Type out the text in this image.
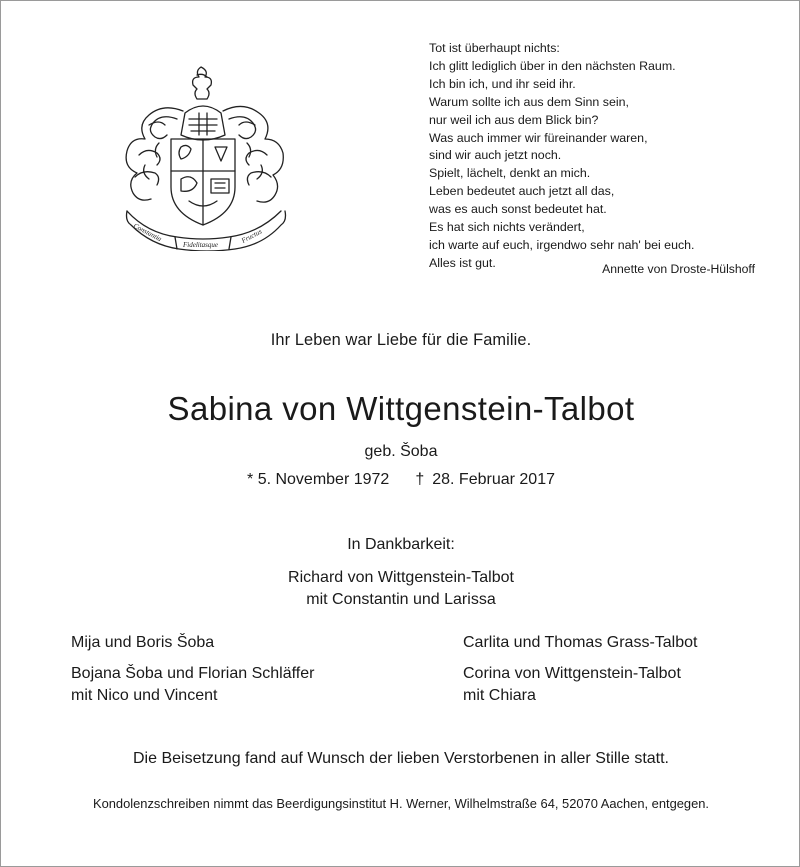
Constantia
Fidelitasque
Fructus
Tot ist überhaupt nichts:
Ich glitt lediglich über in den nächsten Raum.
Ich bin ich, und ihr seid ihr.
Warum sollte ich aus dem Sinn sein,
nur weil ich aus dem Blick bin?
Was auch immer wir füreinander waren,
sind wir auch jetzt noch.
Spielt, lächelt, denkt an mich.
Leben bedeutet auch jetzt all das,
was es auch sonst bedeutet hat.
Es hat sich nichts verändert,
ich warte auf euch, irgendwo sehr nah' bei euch.
Alles ist gut.	Annette von Droste-Hülshoff
Ihr Leben war Liebe für die Familie.
Sabina von Wittgenstein-Talbot
geb. Šoba
* 5. November 1972 † 28. Februar 2017
In Dankbarkeit:
Richard von Wittgenstein-Talbot
mit Constantin und Larissa
Mija und Boris Šoba
Bojana Šoba und Florian Schläffer
mit Nico und Vincent
Carlita und Thomas Grass-Talbot
Corina von Wittgenstein-Talbot
mit Chiara
Die Beisetzung fand auf Wunsch der lieben Verstorbenen in aller Stille statt.
Kondolenzschreiben nimmt das Beerdigungsinstitut H. Werner, Wilhelmstraße 64, 52070 Aachen, entgegen.
